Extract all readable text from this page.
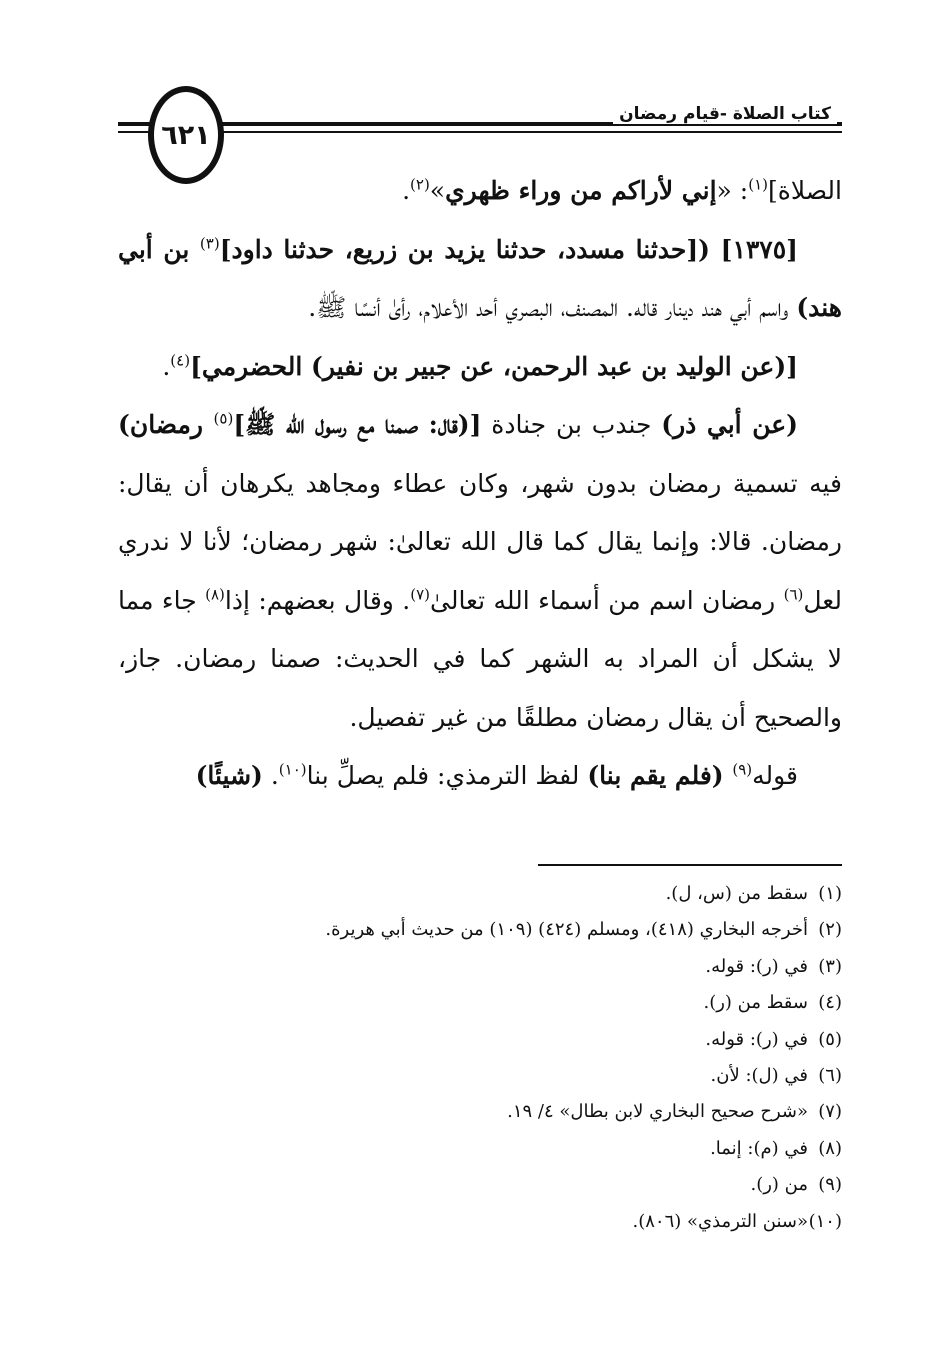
٦٢١
كتاب الصلاة -قيام رمضان

الصلاة]$^{(١)}$: «إني لأراكم من وراء ظهري»$^{(٢)}$.

[١٣٧٥] ([حدثنا مسدد، حدثنا يزيد بن زريع، حدثنا داود]$^{(٣)}$ بن أبي هند) واسم أبي هند دينار قاله. المصنف، البصري أحد الأعلام، رأىٰ أنسًا ﷺ.

[(عن الوليد بن عبد الرحمن، عن جبير بن نفير) الحضرمي]$^{(٤)}$.

(عن أبي ذر) جندب بن جنادة [(قال: صمنا مع رسول الله ﷺ]$^{(٥)}$ رمضان) فيه تسمية رمضان بدون شهر، وكان عطاء ومجاهد يكرهان أن يقال: رمضان. قالا: وإنما يقال كما قال الله تعالىٰ: شهر رمضان؛ لأنا لا ندري لعل$^{(٦)}$ رمضان اسم من أسماء الله تعالىٰ$^{(٧)}$. وقال بعضهم: إذا$^{(٨)}$ جاء مما لا يشكل أن المراد به الشهر كما في الحديث: صمنا رمضان. جاز، والصحيح أن يقال رمضان مطلقًا من غير تفصيل.

قوله$^{(٩)}$ (فلم يقم بنا) لفظ الترمذي: فلم يصلِّ بنا$^{(١٠)}$. (شيئًا)

(١)سقط من (س، ل).
(٢)أخرجه البخاري (٤١٨)، ومسلم (٤٢٤) (١٠٩) من حديث أبي هريرة.
(٣)في (ر): قوله.
(٤)سقط من (ر).
(٥)في (ر): قوله.
(٦)في (ل): لأن.
(٧)«شرح صحيح البخاري لابن بطال» ٤/ ١٩.
(٨)في (م): إنما.
(٩)من (ر).
(١٠)«سنن الترمذي» (٨٠٦).
